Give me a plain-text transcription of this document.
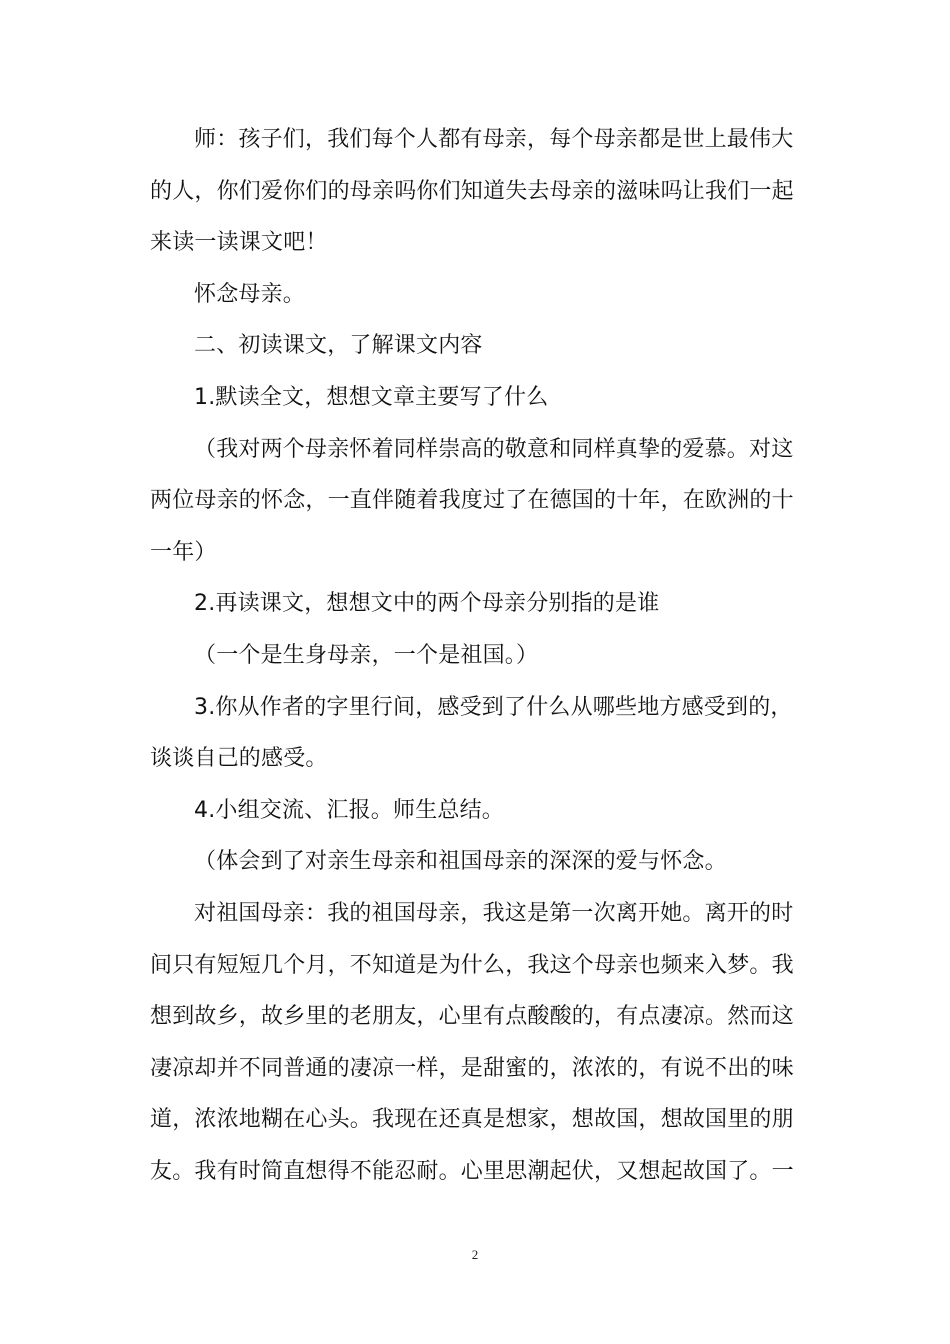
师：孩子们，我们每个人都有母亲，每个母亲都是世上最伟大的人，你们爱你们的母亲吗你们知道失去母亲的滋味吗让我们一起来读一读课文吧！

怀念母亲。

二、初读课文，了解课文内容

1.默读全文，想想文章主要写了什么

（我对两个母亲怀着同样崇高的敬意和同样真挚的爱慕。对这两位母亲的怀念，一直伴随着我度过了在德国的十年，在欧洲的十一年）

2.再读课文，想想文中的两个母亲分别指的是谁

（一个是生身母亲，一个是祖国。）

3.你从作者的字里行间，感受到了什么从哪些地方感受到的，谈谈自己的感受。

4.小组交流、汇报。师生总结。

（体会到了对亲生母亲和祖国母亲的深深的爱与怀念。

对祖国母亲：我的祖国母亲，我这是第一次离开她。离开的时间只有短短几个月，不知道是为什么，我这个母亲也频来入梦。我想到故乡，故乡里的老朋友，心里有点酸酸的，有点凄凉。然而这凄凉却并不同普通的凄凉一样，是甜蜜的，浓浓的，有说不出的味道，浓浓地糊在心头。我现在还真是想家，想故国，想故国里的朋友。我有时简直想得不能忍耐。心里思潮起伏，又想起故国了。一

2
